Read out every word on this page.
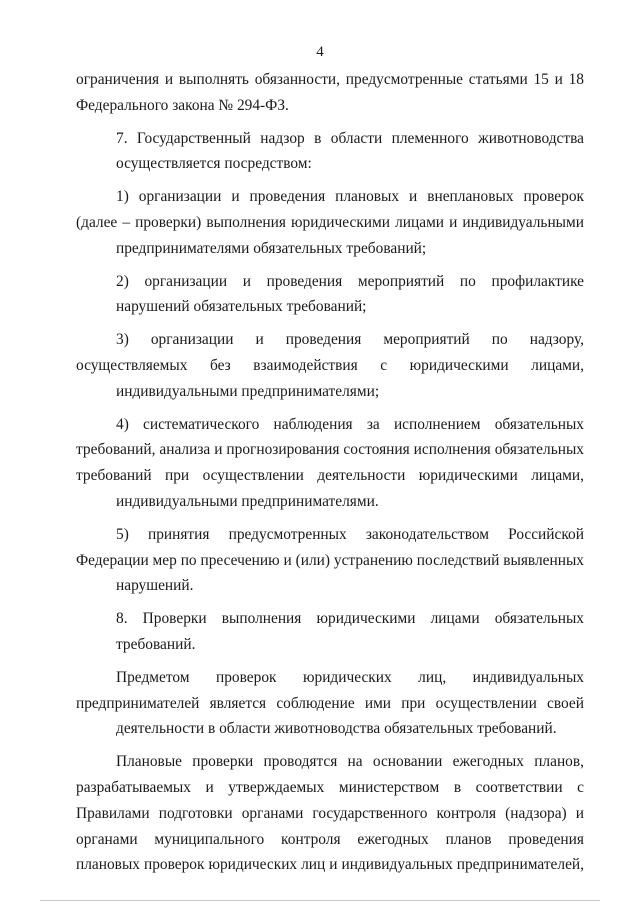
4

ограничения и выполнять обязанности, предусмотренные статьями 15 и 18
Федерального закона № 294-ФЗ.

7. Государственный надзор в области племенного животноводства
осуществляется посредством:

1) организации и проведения плановых и внеплановых проверок (далее – проверки) выполнения юридическими лицами и индивидуальными
предпринимателями обязательных требований;

2) организации и проведения мероприятий по профилактике
нарушений обязательных требований;

3) организации и проведения мероприятий по надзору, осуществляемых без взаимодействия с юридическими лицами,
индивидуальными предпринимателями;

4) систематического наблюдения за исполнением обязательных требований, анализа и прогнозирования состояния исполнения обязательных требований при осуществлении деятельности юридическими лицами,
индивидуальными предпринимателями.

5) принятия предусмотренных законодательством Российской Федерации мер по пресечению и (или) устранению последствий выявленных
нарушений.

8. Проверки выполнения юридическими лицами обязательных
требований.

Предметом проверок юридических лиц, индивидуальных предпринимателей является соблюдение ими при осуществлении своей
деятельности в области животноводства обязательных требований.

Плановые проверки проводятся на основании ежегодных планов, разрабатываемых и утверждаемых министерством в соответствии с Правилами подготовки органами государственного контроля (надзора) и органами муниципального контроля ежегодных планов проведения плановых проверок юридических лиц и индивидуальных предпринимателей,
